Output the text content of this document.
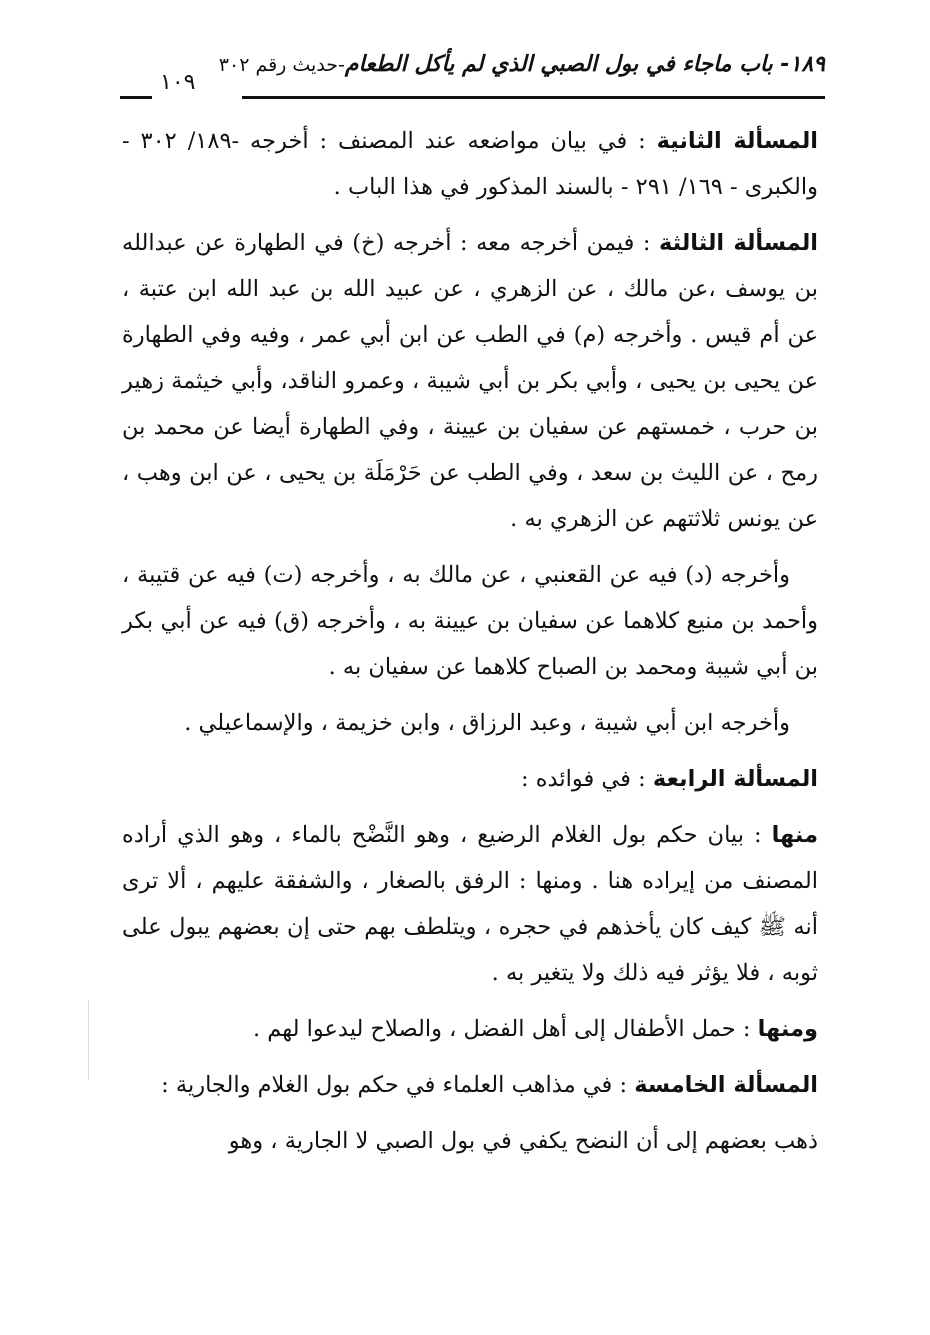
١٨٩- باب ماجاء في بول الصبي الذي لم يأكل الطعام-حديث رقم ٣٠٢
١٠٩

المسألة الثانية : في بيان مواضعه عند المصنف : أخرجه -١٨٩/ ٣٠٢ - والكبرى - ١٦٩/ ٢٩١ - بالسند المذكور في هذا الباب .

المسألة الثالثة : فيمن أخرجه معه : أخرجه (خ) في الطهارة عن عبدالله بن يوسف ،عن مالك ، عن الزهري ، عن عبيد الله بن عبد الله ابن عتبة ، عن أم قيس . وأخرجه (م) في الطب عن ابن أبي عمر ، وفيه وفي الطهارة عن يحيى بن يحيى ، وأبي بكر بن أبي شيبة ، وعمرو الناقد، وأبي خيثمة زهير بن حرب ، خمستهم عن سفيان بن عيينة ، وفي الطهارة أيضا عن محمد بن رمح ، عن الليث بن سعد ، وفي الطب عن حَرْمَلَة بن يحيى ، عن ابن وهب ، عن يونس ثلاثتهم عن الزهري به .

وأخرجه (د) فيه عن القعنبي ، عن مالك به ، وأخرجه (ت) فيه عن قتيبة ، وأحمد بن منيع كلاهما عن سفيان بن عيينة به ، وأخرجه (ق) فيه عن أبي بكر بن أبي شيبة ومحمد بن الصباح كلاهما عن سفيان به .

وأخرجه ابن أبي شيبة ، وعبد الرزاق ، وابن خزيمة ، والإسماعيلي .

المسألة الرابعة : في فوائده :

منها : بيان حكم بول الغلام الرضيع ، وهو النَّضْح بالماء ، وهو الذي أراده المصنف من إيراده هنا . ومنها : الرفق بالصغار ، والشفقة عليهم ، ألا ترى أنه ﷺ كيف كان يأخذهم في حجره ، ويتلطف بهم حتى إن بعضهم يبول على ثوبه ، فلا يؤثر فيه ذلك ولا يتغير به .

ومنها : حمل الأطفال إلى أهل الفضل ، والصلاح ليدعوا لهم .

المسألة الخامسة : في مذاهب العلماء في حكم بول الغلام والجارية :

ذهب بعضهم إلى أن النضح يكفي في بول الصبي لا الجارية ، وهو
